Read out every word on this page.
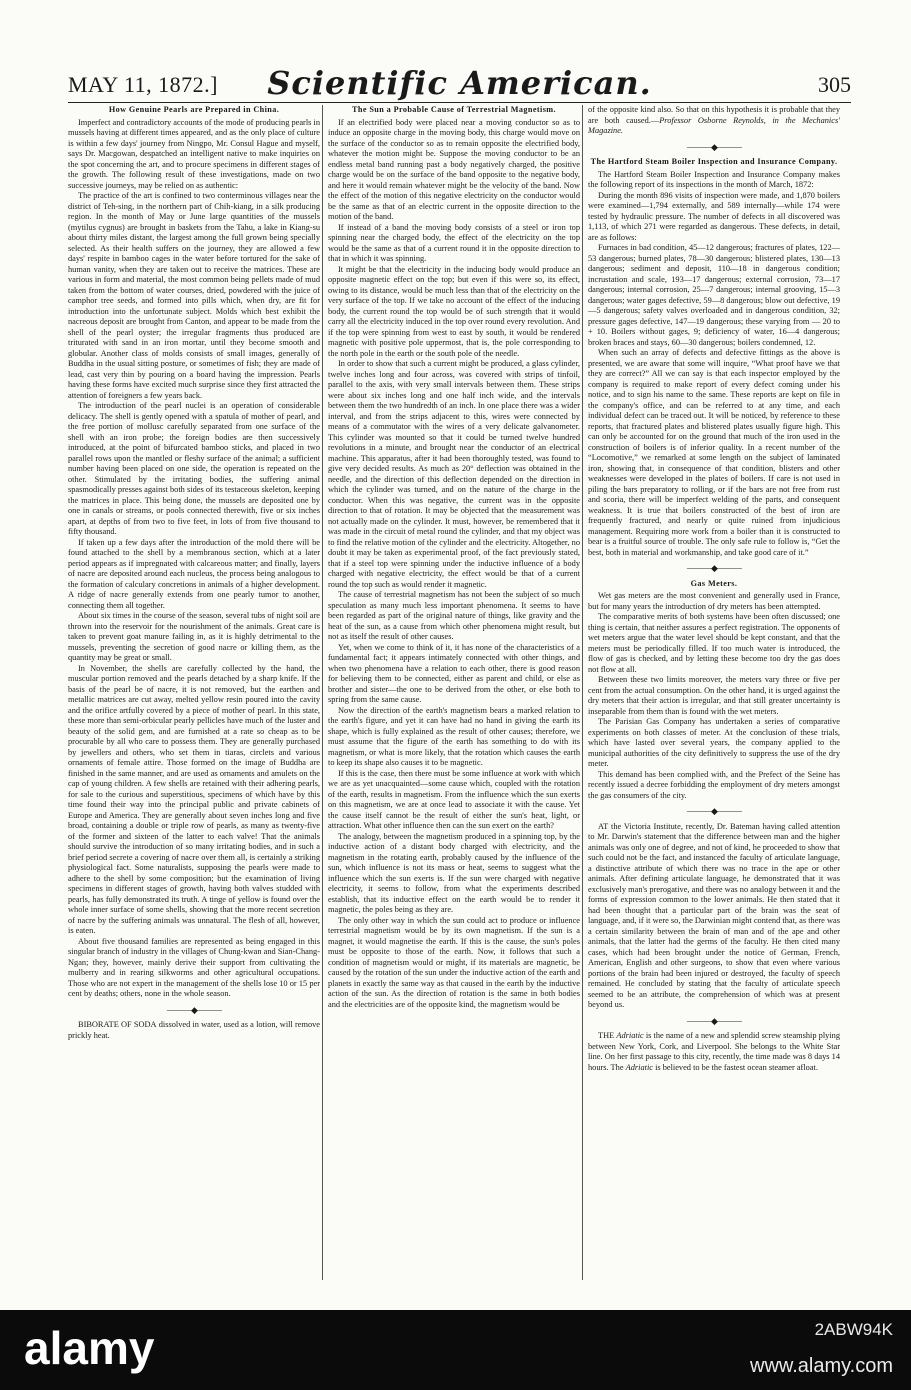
MAY 11, 1872.]	Scientific American.	305
How Genuine Pearls are Prepared in China.

Imperfect and contradictory accounts of the mode of producing pearls in mussels having at different times appeared, and as the only place of culture is within a few days' journey from Ningpo, Mr. Consul Hague and myself, says Dr. Macgowan, despatched an intelligent native to make inquiries on the spot concerning the art, and to procure specimens in different stages of the growth. The following result of these investigations, made on two successive journeys, may be relied on as authentic:

The practice of the art is confined to two conterminous villages near the district of Teh-sing, in the northern part of Chih-kiang, in a silk producing region. In the month of May or June large quantities of the mussels (mytilus cygnus) are brought in baskets from the Tahu, a lake in Kiang-su about thirty miles distant, the largest among the full grown being specially selected. As their health suffers on the journey, they are allowed a few days' respite in bamboo cages in the water before tortured for the sake of human vanity, when they are taken out to receive the matrices. These are various in form and material, the most common being pellets made of mud taken from the bottom of water courses, dried, powdered with the juice of camphor tree seeds, and formed into pills which, when dry, are fit for introduction into the unfortunate subject. Molds which best exhibit the nacreous deposit are brought from Canton, and appear to be made from the shell of the pearl oyster; the irregular fragments thus produced are triturated with sand in an iron mortar, until they become smooth and globular. Another class of molds consists of small images, generally of Buddha in the usual sitting posture, or sometimes of fish; they are made of lead, cast very thin by pouring on a board having the impression. Pearls having these forms have excited much surprise since they first attracted the attention of foreigners a few years back.

The introduction of the pearl nuclei is an operation of considerable delicacy. The shell is gently opened with a spatula of mother of pearl, and the free portion of mollusc carefully separated from one surface of the shell with an iron probe; the foreign bodies are then successively introduced, at the point of bifurcated bamboo sticks, and placed in two parallel rows upon the mantled or fleshy surface of the animal; a sufficient number having been placed on one side, the operation is repeated on the other. Stimulated by the irritating bodies, the suffering animal spasmodically presses against both sides of its testaceous skeleton, keeping the matrices in place. This being done, the mussels are deposited one by one in canals or streams, or pools connected therewith, five or six inches apart, at depths of from two to five feet, in lots of from five thousand to fifty thousand.

If taken up a few days after the introduction of the mold there will be found attached to the shell by a membranous section, which at a later period appears as if impregnated with calcareous matter; and finally, layers of nacre are deposited around each nucleus, the process being analogous to the formation of calculary concretions in animals of a higher development. A ridge of nacre generally extends from one pearly tumor to another, connecting them all together.

About six times in the course of the season, several tubs of night soil are thrown into the reservoir for the nourishment of the animals. Great care is taken to prevent goat manure failing in, as it is highly detrimental to the mussels, preventing the secretion of good nacre or killing them, as the quantity may be great or small.

In November, the shells are carefully collected by the hand, the muscular portion removed and the pearls detached by a sharp knife. If the basis of the pearl be of nacre, it is not removed, but the earthen and metallic matrices are cut away, melted yellow resin poured into the cavity and the orifice artfully covered by a piece of mother of pearl. In this state, these more than semi-orbicular pearly pellicles have much of the luster and beauty of the solid gem, and are furnished at a rate so cheap as to be procurable by all who care to possess them. They are generally purchased by jewellers and others, who set them in tiaras, circlets and various ornaments of female attire. Those formed on the image of Buddha are finished in the same manner, and are used as ornaments and amulets on the cap of young children. A few shells are retained with their adhering pearls, for sale to the curious and superstitious, specimens of which have by this time found their way into the principal public and private cabinets of Europe and America. They are generally about seven inches long and five broad, containing a double or triple row of pearls, as many as twenty-five of the former and sixteen of the latter to each valve! That the animals should survive the introduction of so many irritating bodies, and in such a brief period secrete a covering of nacre over them all, is certainly a striking physiological fact. Some naturalists, supposing the pearls were made to adhere to the shell by some composition; but the examination of living specimens in different stages of growth, having both valves studded with pearls, has fully demonstrated its truth. A tinge of yellow is found over the whole inner surface of some shells, showing that the more recent secretion of nacre by the suffering animals was unnatural. The flesh of all, however, is eaten.

About five thousand families are represented as being engaged in this singular branch of industry in the villages of Chung-kwan and Sian-Chang-Ngan; they, however, mainly derive their support from cultivating the mulberry and in rearing silkworms and other agricultural occupations. Those who are not expert in the management of the shells lose 10 or 15 per cent by deaths; others, none in the whole season.

———◆———

BIBORATE OF SODA dissolved in water, used as a lotion, will remove prickly heat.

The Sun a Probable Cause of Terrestrial Magnetism.

If an electrified body were placed near a moving conductor so as to induce an opposite charge in the moving body, this charge would move on the surface of the conductor so as to remain opposite the electrified body, whatever the motion might be. Suppose the moving conductor to be an endless metal band running past a body negatively charged, the positive charge would be on the surface of the band opposite to the negative body, and here it would remain whatever might be the velocity of the band. Now the effect of the motion of this negative electricity on the conductor would be the same as that of an electric current in the opposite direction to the motion of the band.

If instead of a band the moving body consists of a steel or iron top spinning near the charged body, the effect of the electricity on the top would be the same as that of a current round it in the opposite direction to that in which it was spinning.

It might be that the electricity in the inducing body would produce an opposite magnetic effect on the top; but even if this were so, its effect, owing to its distance, would be much less than that of the electricity on the very surface of the top. If we take no account of the effect of the inducing body, the current round the top would be of such strength that it would carry all the electricity induced in the top over round every revolution. And if the top were spinning from west to east by south, it would be rendered magnetic with positive pole uppermost, that is, the pole corresponding to the north pole in the earth or the south pole of the needle.

In order to show that such a current might be produced, a glass cylinder, twelve inches long and four across, was covered with strips of tinfoil, parallel to the axis, with very small intervals between them. These strips were about six inches long and one half inch wide, and the intervals between them the two hundredth of an inch. In one place there was a wider interval, and from the strips adjacent to this, wires were connected by means of a commutator with the wires of a very delicate galvanometer. This cylinder was mounted so that it could be turned twelve hundred revolutions in a minute, and brought near the conductor of an electrical machine. This apparatus, after it had been thoroughly tested, was found to give very decided results. As much as 20° deflection was obtained in the needle, and the direction of this deflection depended on the direction in which the cylinder was turned, and on the nature of the charge in the conductor. When this was negative, the current was in the opposite direction to that of rotation. It may be objected that the measurement was not actually made on the cylinder. It must, however, be remembered that it was made in the circuit of metal round the cylinder, and that my object was to find the relative motion of the cylinder and the electricity. Altogether, no doubt it may be taken as experimental proof, of the fact previously stated, that if a steel top were spinning under the inductive influence of a body charged with negative electricity, the effect would be that of a current round the top such as would render it magnetic.

The cause of terrestrial magnetism has not been the subject of so much speculation as many much less important phenomena. It seems to have been regarded as part of the original nature of things, like gravity and the heat of the sun, as a cause from which other phenomena might result, but not as itself the result of other causes.

Yet, when we come to think of it, it has none of the characteristics of a fundamental fact; it appears intimately connected with other things, and when two phenomena have a relation to each other, there is good reason for believing them to be connected, either as parent and child, or else as brother and sister—the one to be derived from the other, or else both to spring from the same cause.

Now the direction of the earth's magnetism bears a marked relation to the earth's figure, and yet it can have had no hand in giving the earth its shape, which is fully explained as the result of other causes; therefore, we must assume that the figure of the earth has something to do with its magnetism, or what is more likely, that the rotation which causes the earth to keep its shape also causes it to be magnetic.

If this is the case, then there must be some influence at work with which we are as yet unacquainted—some cause which, coupled with the rotation of the earth, results in magnetism. From the influence which the sun exerts on this magnetism, we are at once lead to associate it with the cause. Yet the cause itself cannot be the result of either the sun's heat, light, or attraction. What other influence then can the sun exert on the earth?

The analogy, between the magnetism produced in a spinning top, by the inductive action of a distant body charged with electricity, and the magnetism in the rotating earth, probably caused by the influence of the sun, which influence is not its mass or heat, seems to suggest what the influence which the sun exerts is. If the sun were charged with negative electricity, it seems to follow, from what the experiments described establish, that its inductive effect on the earth would be to render it magnetic, the poles being as they are.

The only other way in which the sun could act to produce or influence terrestrial magnetism would be by its own magnetism. If the sun is a magnet, it would magnetise the earth. If this is the cause, the sun's poles must be opposite to those of the earth. Now, it follows that such a condition of magnetism would or might, if its materials are magnetic, be caused by the rotation of the sun under the inductive action of the earth and planets in exactly the same way as that caused in the earth by the inductive action of the sun. As the direction of rotation is the same in both bodies and the electricities are of the opposite kind, the magnetism would be

of the opposite kind also. So that on this hypothesis it is probable that they are both caused.—Professor Osborne Reynolds, in the Mechanics' Magazine.

———◆———
The Hartford Steam Boiler Inspection and Insurance Company.

The Hartford Steam Boiler Inspection and Insurance Company makes the following report of its inspections in the month of March, 1872:

During the month 896 visits of inspection were made, and 1,870 boilers were examined—1,794 externally, and 589 internally—while 174 were tested by hydraulic pressure. The number of defects in all discovered was 1,113, of which 271 were regarded as dangerous. These defects, in detail, are as follows:

Furnaces in bad condition, 45—12 dangerous; fractures of plates, 122—53 dangerous; burned plates, 78—30 dangerous; blistered plates, 130—13 dangerous; sediment and deposit, 110—18 in dangerous condition; incrustation and scale, 193—17 dangerous; external corrosion, 73—17 dangerous; internal corrosion, 25—7 dangerous; internal grooving, 15—3 dangerous; water gages defective, 59—8 dangerous; blow out defective, 19—5 dangerous; safety valves overloaded and in dangerous condition, 32; pressure gages defective, 147—19 dangerous; these varying from — 20 to + 10. Boilers without gages, 9; deficiency of water, 16—4 dangerous; broken braces and stays, 60—30 dangerous; boilers condemned, 12.

When such an array of defects and defective fittings as the above is presented, we are aware that some will inquire, “What proof have we that they are correct?” All we can say is that each inspector employed by the company is required to make report of every defect coming under his notice, and to sign his name to the same. These reports are kept on file in the company's office, and can be referred to at any time, and each individual defect can be traced out. It will be noticed, by reference to these reports, that fractured plates and blistered plates usually figure high. This can only be accounted for on the ground that much of the iron used in the construction of boilers is of inferior quality. In a recent number of the “Locomotive,” we remarked at some length on the subject of laminated iron, showing that, in consequence of that condition, blisters and other weaknesses were developed in the plates of boilers. If care is not used in piling the bars preparatory to rolling, or if the bars are not free from rust and scoria, there will be imperfect welding of the parts, and consequent weakness. It is true that boilers constructed of the best of iron are frequently fractured, and nearly or quite ruined from injudicious management. Requiring more work from a boiler than it is constructed to bear is a fruitful source of trouble. The only safe rule to follow is, “Get the best, both in material and workmanship, and take good care of it.”

———◆———
Gas Meters.

Wet gas meters are the most convenient and generally used in France, but for many years the introduction of dry meters has been attempted.

The comparative merits of both systems have been often discussed; one thing is certain, that neither assures a perfect registration. The opponents of wet meters argue that the water level should be kept constant, and that the meters must be periodically filled. If too much water is introduced, the flow of gas is checked, and by letting these become too dry the gas does not flow at all.

Between these two limits moreover, the meters vary three or five per cent from the actual consumption. On the other hand, it is urged against the dry meters that their action is irregular, and that still greater uncertainty is inseparable from them than is found with the wet meters.

The Parisian Gas Company has undertaken a series of comparative experiments on both classes of meter. At the conclusion of these trials, which have lasted over several years, the company applied to the municipal authorities of the city definitively to suppress the use of the dry meter.

This demand has been complied with, and the Prefect of the Seine has recently issued a decree forbidding the employment of dry meters amongst the gas consumers of the city.

———◆———

AT the Victoria Institute, recently, Dr. Bateman having called attention to Mr. Darwin's statement that the difference between man and the higher animals was only one of degree, and not of kind, he proceeded to show that such could not be the fact, and instanced the faculty of articulate language, a distinctive attribute of which there was no trace in the ape or other animals. After defining articulate language, he demonstrated that it was exclusively man's prerogative, and there was no analogy between it and the forms of expression common to the lower animals. He then stated that it had been thought that a particular part of the brain was the seat of language, and, if it were so, the Darwinian might contend that, as there was a certain similarity between the brain of man and of the ape and other animals, that the latter had the germs of the faculty. He then cited many cases, which had been brought under the notice of German, French, American, English and other surgeons, to show that even where various portions of the brain had been injured or destroyed, the faculty of speech remained. He concluded by stating that the faculty of articulate speech seemed to be an attribute, the comprehension of which was at present beyond us.

———◆———

THE Adriatic is the name of a new and splendid screw steamship plying between New York, Cork, and Liverpool. She belongs to the White Star line. On her first passage to this city, recently, the time made was 8 days 14 hours. The Adriatic is believed to be the fastest ocean steamer afloat.

alamy	2ABW94K
www.alamy.com
